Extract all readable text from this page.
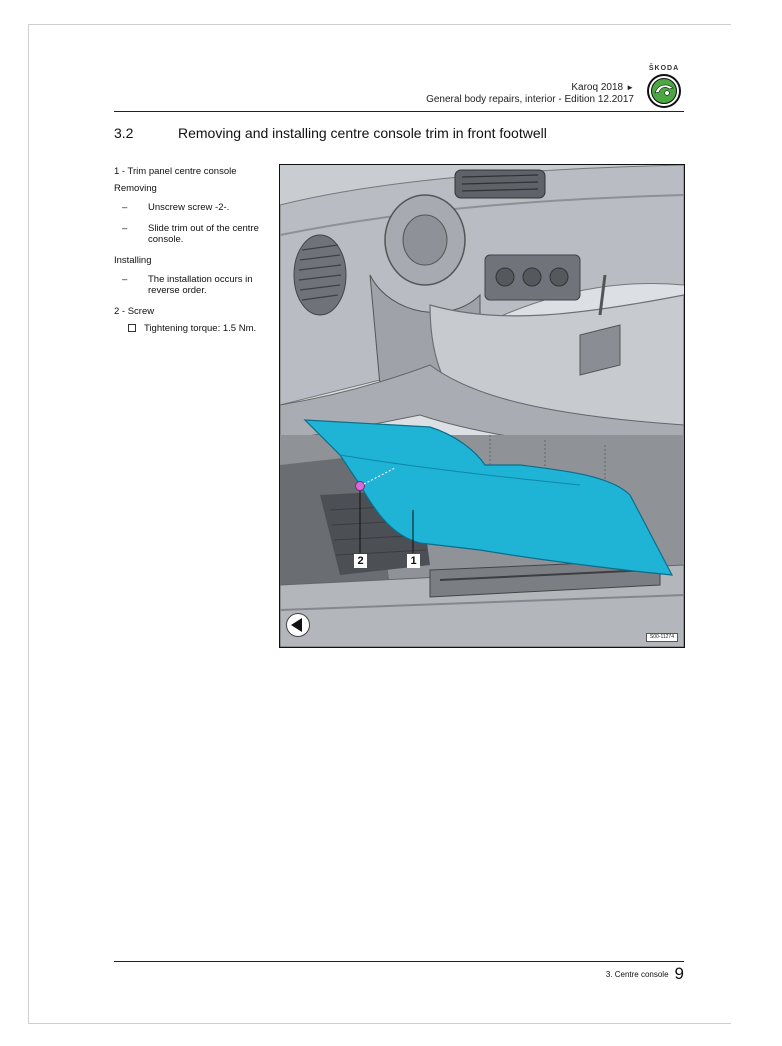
Karoq 2018 ►
General body repairs, interior - Edition 12.2017
ŠKODA
3.2	Removing and installing centre console trim in front footwell
1 - Trim panel centre console
Removing
– Unscrew screw -2-.
– Slide trim out of the centre console.
Installing
– The installation occurs in reverse order.
2 - Screw
Tightening torque: 1.5 Nm.
2	1
S00-11274
3. Centre console 9
